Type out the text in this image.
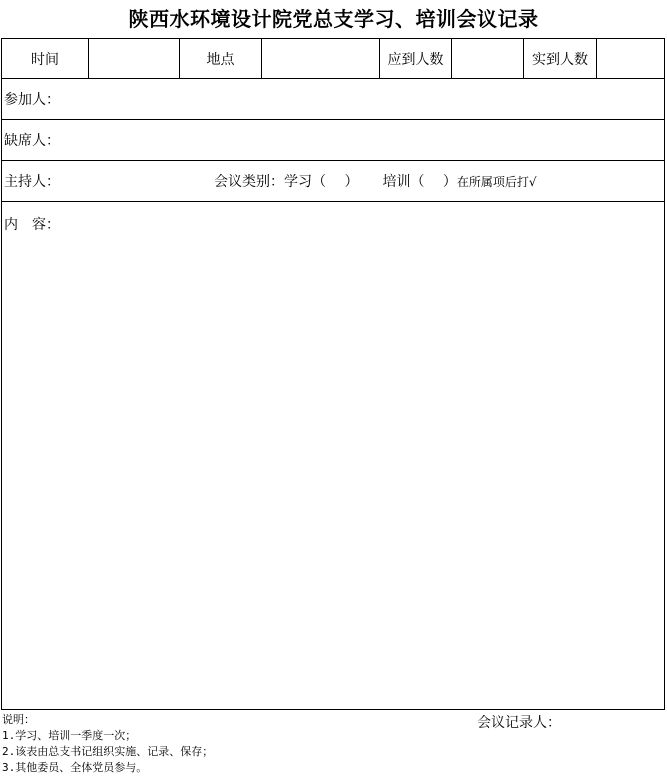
陕西水环境设计院党总支学习、培训会议记录
时间	地点	应到人数	实到人数
参加人：
缺席人：
主持人：	会议类别： 学习（　 ） 培训（　 ） 在所属项后打√
内　容：
会议记录人：
说明：
1.学习、培训一季度一次；
2.该表由总支书记组织实施、记录、保存；
3.其他委员、全体党员参与。
